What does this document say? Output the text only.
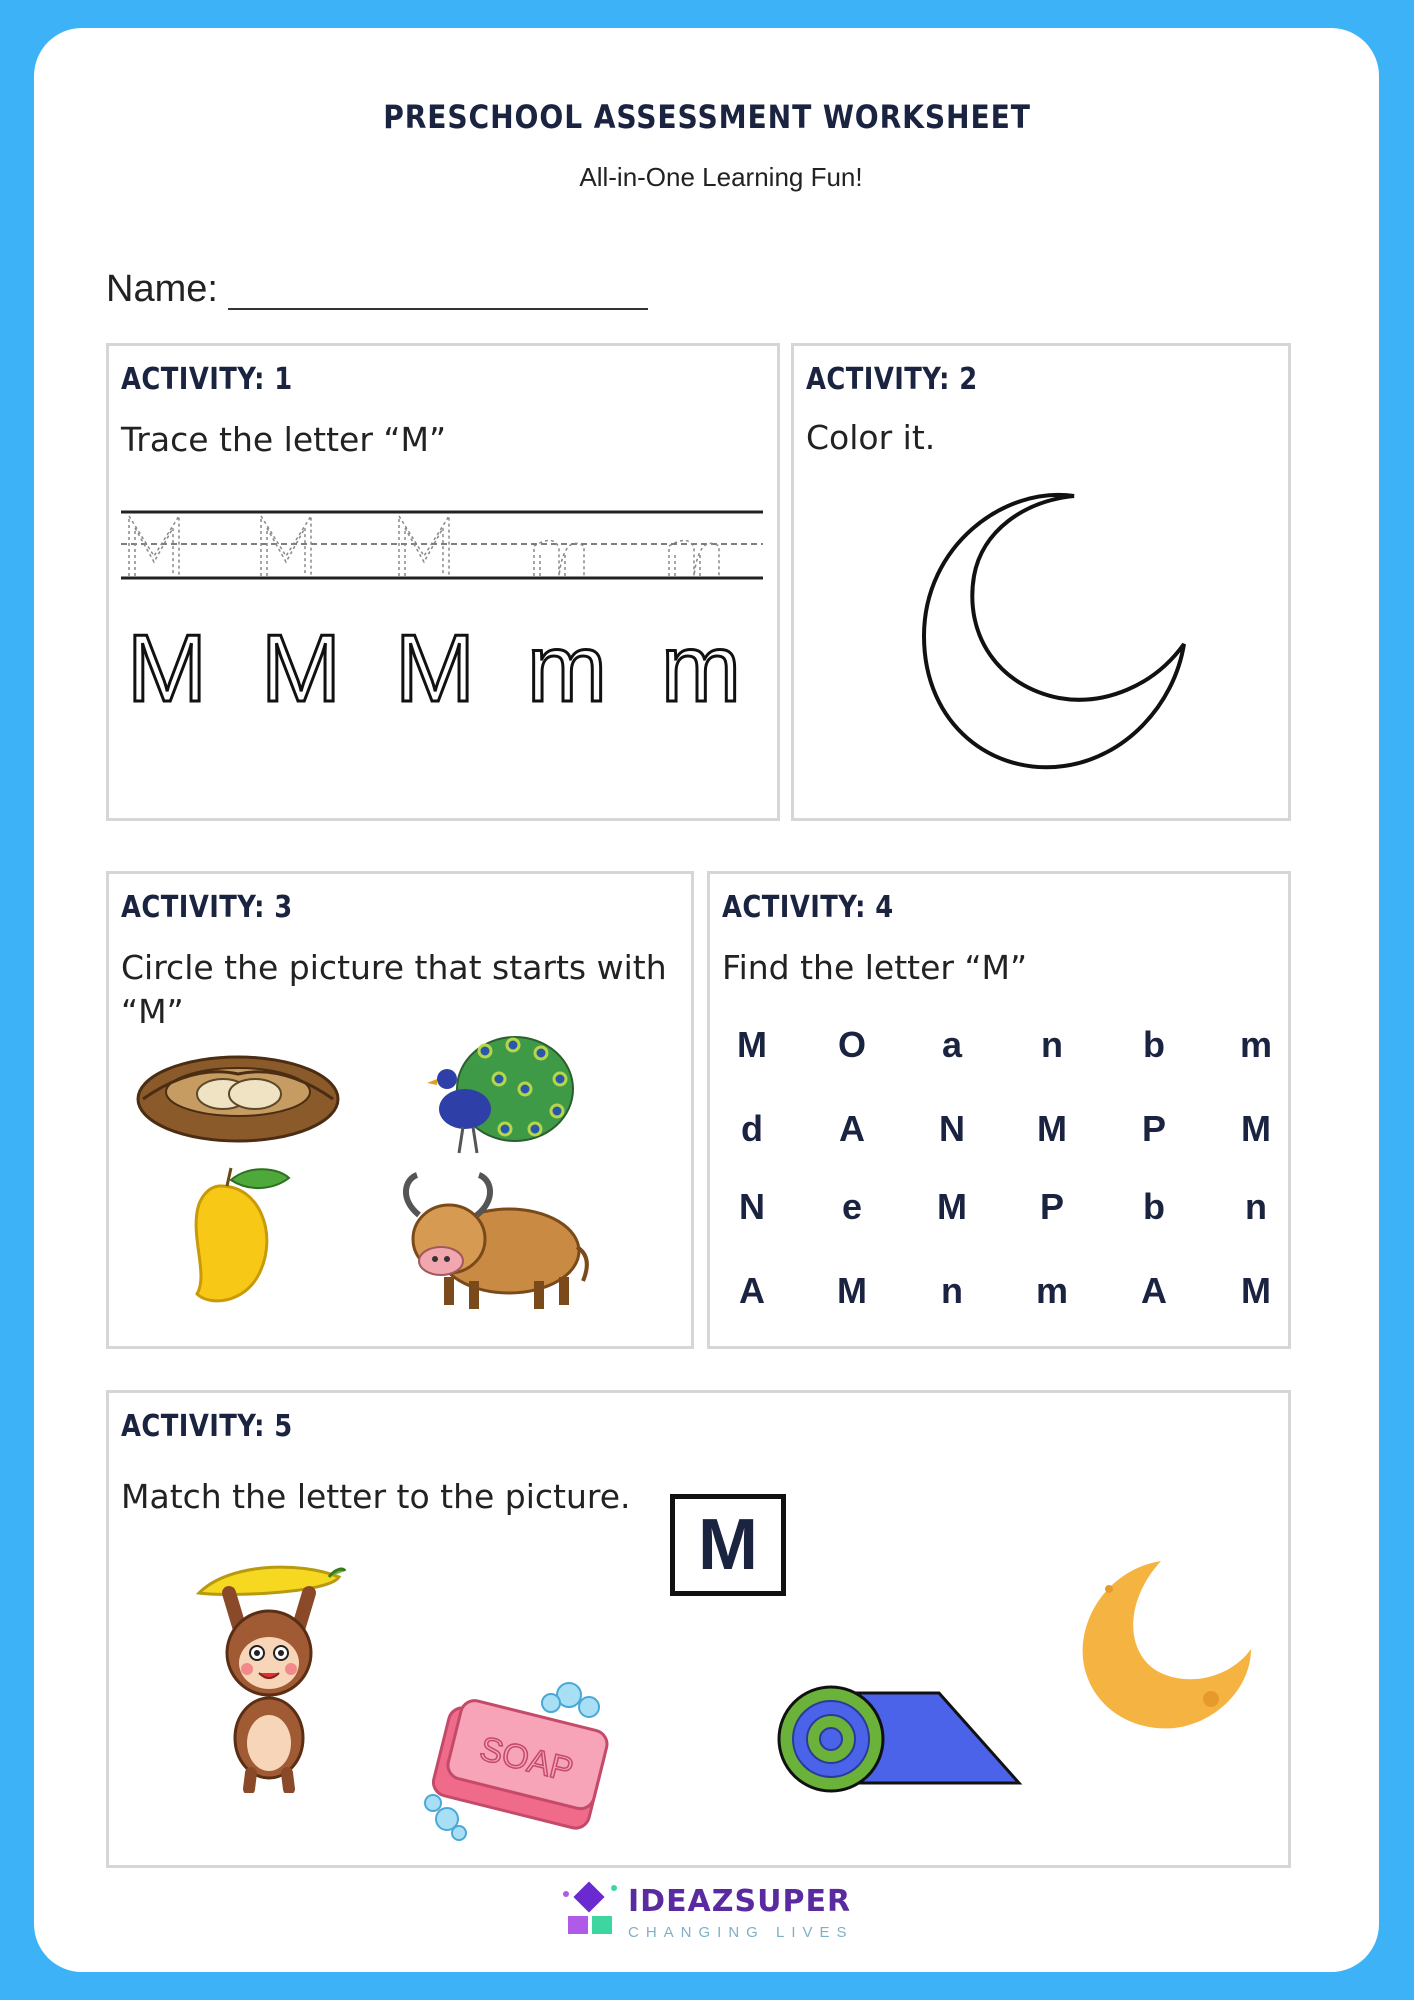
PRESCHOOL ASSESSMENT WORKSHEET
All-in-One Learning Fun!
Name:
ACTIVITY: 1
Trace the letter “M”
M M M m m
ACTIVITY: 2
Color it.
ACTIVITY: 3
Circle the picture that starts with
“M”
ACTIVITY: 4
Find the letter “M”
M	O	a	n	b	m
d	A	N	M	P	M
N	e	M	P	b	n
A	M	n	m	A	M
ACTIVITY: 5
Match the letter to the picture.
SOAP
M
IDEAZSUPER
CHANGING LIVES
